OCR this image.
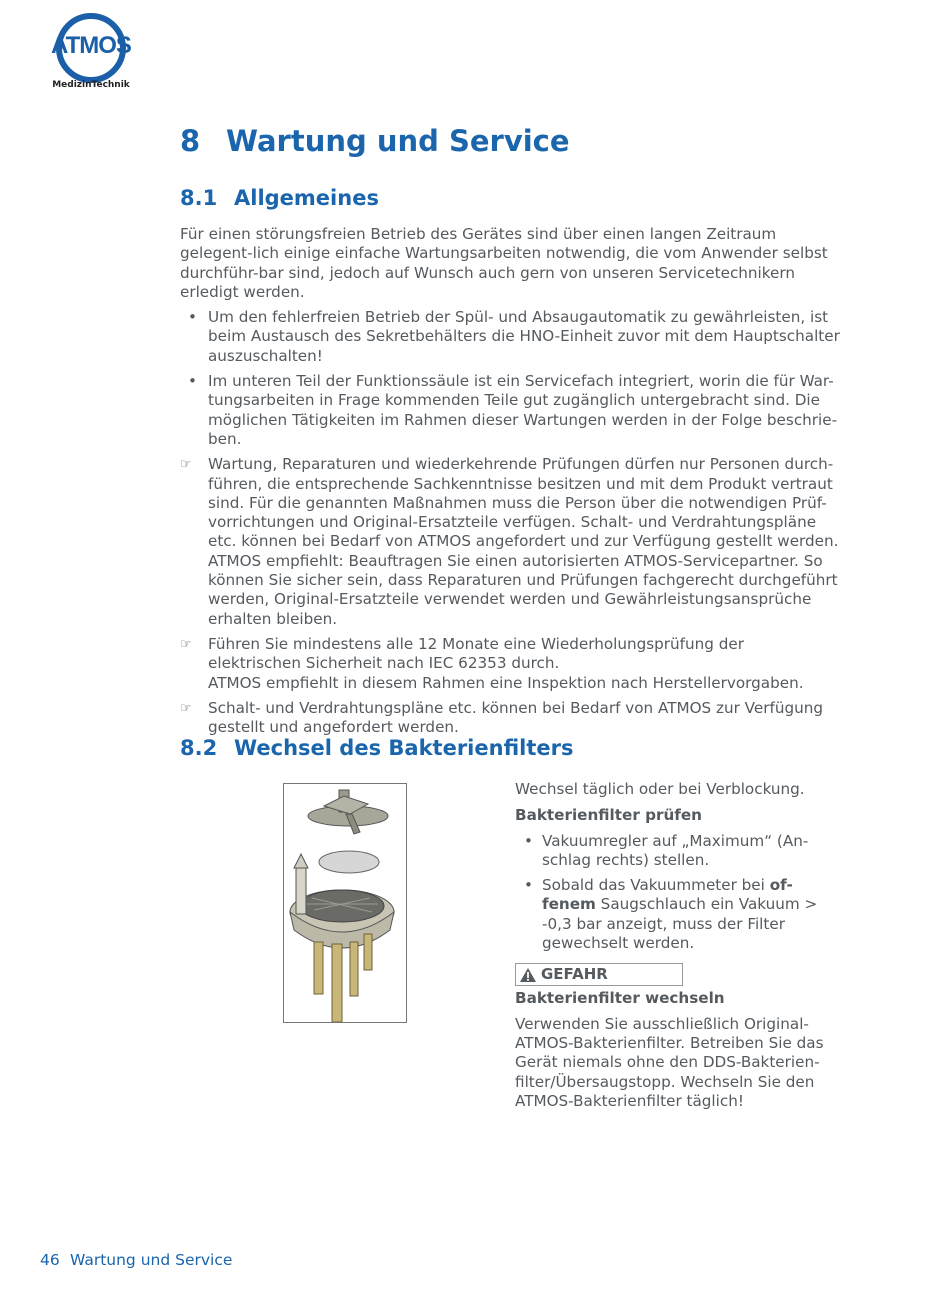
ATMOS
MedizinTechnik
8 Wartung und Service
8.1 Allgemeines

Für einen störungsfreien Betrieb des Gerätes sind über einen langen Zeitraum gelegent-lich einige einfache Wartungsarbeiten notwendig, die vom Anwender selbst durchführ-bar sind, jedoch auf Wunsch auch gern von unseren Servicetechnikern erledigt werden.

• Um den fehlerfreien Betrieb der Spül- und Absaugautomatik zu gewährleisten, ist beim Austausch des Sekretbehälters die HNO-Einheit zuvor mit dem Hauptschalter auszuschalten!

• Im unteren Teil der Funktionssäule ist ein Servicefach integriert, worin die für War-tungsarbeiten in Frage kommenden Teile gut zugänglich untergebracht sind. Die möglichen Tätigkeiten im Rahmen dieser Wartungen werden in der Folge beschrie-ben.

☞ Wartung, Reparaturen und wiederkehrende Prüfungen dürfen nur Personen durch-führen, die entsprechende Sachkenntnisse besitzen und mit dem Produkt vertraut sind. Für die genannten Maßnahmen muss die Person über die notwendigen Prüf-vorrichtungen und Original-Ersatzteile verfügen. Schalt- und Verdrahtungspläne etc. können bei Bedarf von ATMOS angefordert und zur Verfügung gestellt werden.

ATMOS empfiehlt: Beauftragen Sie einen autorisierten ATMOS-Servicepartner. So können Sie sicher sein, dass Reparaturen und Prüfungen fachgerecht durchgeführt werden, Original-Ersatzteile verwendet werden und Gewährleistungsansprüche erhalten bleiben.

☞ Führen Sie mindestens alle 12 Monate eine Wiederholungsprüfung der elektrischen Sicherheit nach IEC 62353 durch.

ATMOS empfiehlt in diesem Rahmen eine Inspektion nach Herstellervorgaben.

☞ Schalt- und Verdrahtungspläne etc. können bei Bedarf von ATMOS zur Verfügung gestellt und angefordert werden.

8.2 Wechsel des Bakterienfilters

Wechsel täglich oder bei Verblockung.

Bakterienfilter prüfen

• Vakuumregler auf „Maximum“ (An-schlag rechts) stellen.

• Sobald das Vakuummeter bei of-fenem Saugschlauch ein Vakuum > -0,3 bar anzeigt, muss der Filter gewechselt werden.

GEFAHR

Bakterienfilter wechseln

Verwenden Sie ausschließlich Original-ATMOS-Bakterienfilter. Betreiben Sie das Gerät niemals ohne den DDS-Bakterien-filter/Übersaugstopp. Wechseln Sie den ATMOS-Bakterienfilter täglich!

46 Wartung und Service
